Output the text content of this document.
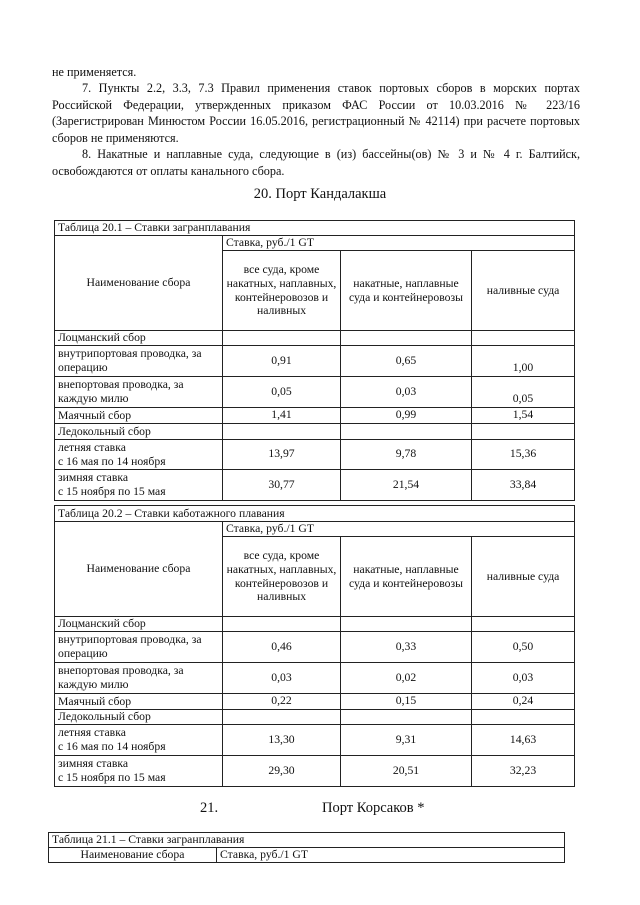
не применяется.
7. Пункты 2.2, 3.3, 7.3 Правил применения ставок портовых сборов в морских портах Российской Федерации, утвержденных приказом ФАС России от 10.03.2016 № 223/16 (Зарегистрирован Минюстом России 16.05.2016, регистрационный № 42114) при расчете портовых сборов не применяются.
8. Накатные и наплавные суда, следующие в (из) бассейны(ов) № 3 и № 4 г. Балтийск, освобождаются от оплаты канального сбора.
20. Порт Кандалакша
Таблица 20.1 – Ставки загранплавания			
Наименование сбора	Ставка, руб./1 GT		
	все суда, кроме накатных, наплавных, контейнеровозов и наливных	накатные, наплавные суда и контейнеровозы	наливные суда
Лоцманский сбор			
внутрипортовая проводка, за операцию	0,91	0,65	1,00
внепортовая проводка, за каждую милю	0,05	0,03	0,05
Маячный сбор	1,41	0,99	1,54
Ледокольный сбор			

летняя ставка
с 16 мая по 14 ноября	13,97	9,78	15,36

зимняя ставка
с 15 ноября по 15 мая	30,77	21,54	33,84
Таблица 20.2 – Ставки каботажного плавания			
Наименование сбора	Ставка, руб./1 GT		
	все суда, кроме накатных, наплавных, контейнеровозов и наливных	накатные, наплавные суда и контейнеровозы	наливные суда
Лоцманский сбор			
внутрипортовая проводка, за операцию	0,46	0,33	0,50
внепортовая проводка, за каждую милю	0,03	0,02	0,03
Маячный сбор	0,22	0,15	0,24
Ледокольный сбор			

летняя ставка
с 16 мая по 14 ноября	13,30	9,31	14,63

зимняя ставка
с 15 ноября по 15 мая	29,30	20,51	32,23
21.	Порт Корсаков *
Таблица 21.1 – Ставки загранплавания
Наименование сбора	Ставка, руб./1 GT
